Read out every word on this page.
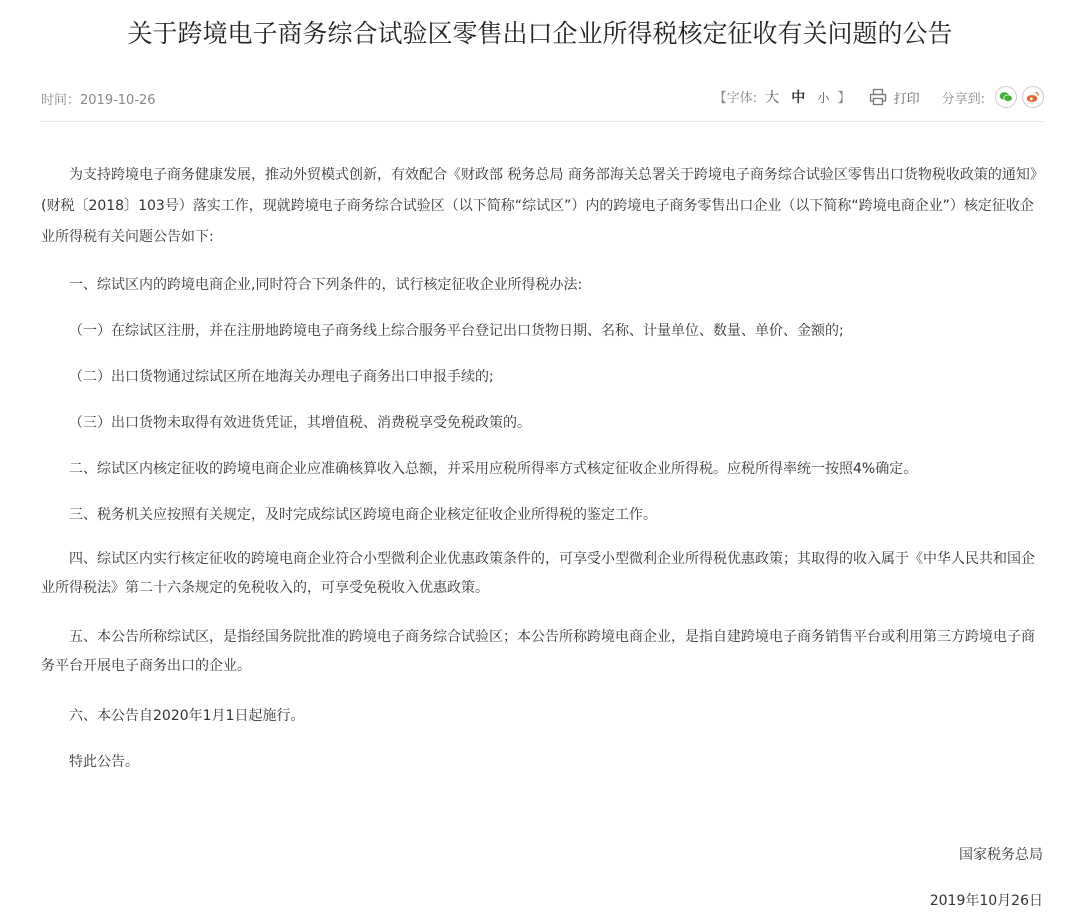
关于跨境电子商务综合试验区零售出口企业所得税核定征收有关问题的公告
时间：2019-10-26	【字体: 大 中 小 】	打印 分享到:

为支持跨境电子商务健康发展，推动外贸模式创新，有效配合《财政部 税务总局 商务部海关总署关于跨境电子商务综合试验区零售出口货物税收政策的通知》(财税〔2018〕103号）落实工作，现就跨境电子商务综合试验区（以下简称“综试区”）内的跨境电子商务零售出口企业（以下简称“跨境电商企业”）核定征收企业所得税有关问题公告如下:

一、综试区内的跨境电商企业,同时符合下列条件的，试行核定征收企业所得税办法:

（一）在综试区注册，并在注册地跨境电子商务线上综合服务平台登记出口货物日期、名称、计量单位、数量、单价、金额的;

（二）出口货物通过综试区所在地海关办理电子商务出口申报手续的;

（三）出口货物未取得有效进货凭证，其增值税、消费税享受免税政策的。

二、综试区内核定征收的跨境电商企业应准确核算收入总额，并采用应税所得率方式核定征收企业所得税。应税所得率统一按照4%确定。

三、税务机关应按照有关规定，及时完成综试区跨境电商企业核定征收企业所得税的鉴定工作。

四、综试区内实行核定征收的跨境电商企业符合小型微利企业优惠政策条件的，可享受小型微利企业所得税优惠政策；其取得的收入属于《中华人民共和国企业所得税法》第二十六条规定的免税收入的，可享受免税收入优惠政策。

五、本公告所称综试区，是指经国务院批准的跨境电子商务综合试验区；本公告所称跨境电商企业，是指自建跨境电子商务销售平台或利用第三方跨境电子商务平台开展电子商务出口的企业。

六、本公告自2020年1月1日起施行。

特此公告。

国家税务总局
2019年10月26日
